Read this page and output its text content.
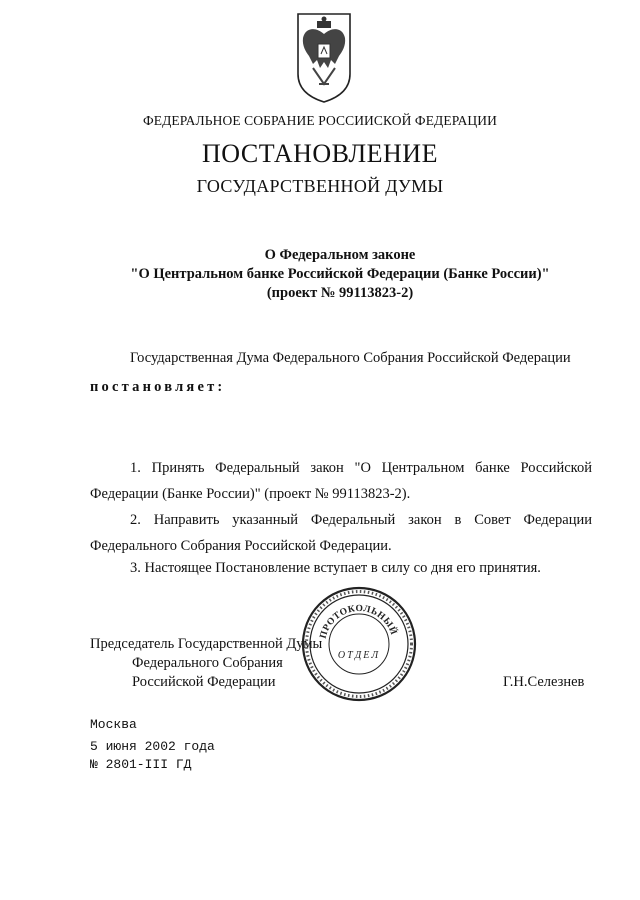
ФЕДЕРАЛЬНОЕ СОБРАНИЕ РОССИИСКОЙ ФЕДЕРАЦИИ
ПОСТАНОВЛЕНИЕ
ГОСУДАРСТВЕННОЙ ДУМЫ
О Федеральном законе
"О Центральном банке Российской Федерации (Банке России)"
(проект № 99113823-2)
Государственная Дума Федерального Собрания Российской Федерации
постановляет:
1. Принять Федеральный закон "О Центральном банке Российской Федерации (Банке России)" (проект № 99113823-2).
2. Направить указанный Федеральный закон в Совет Федерации Федерального Собрания Российской Федерации.
3. Настоящее Постановление вступает в силу со дня его принятия.
Председатель Государственной Думы
Федерального Собрания
Российской Федерации	Г.Н.Селезнев
ПРОТОКОЛЬНЫЙ
ОТДЕЛ
Москва
5 июня 2002 года
№ 2801-III ГД
